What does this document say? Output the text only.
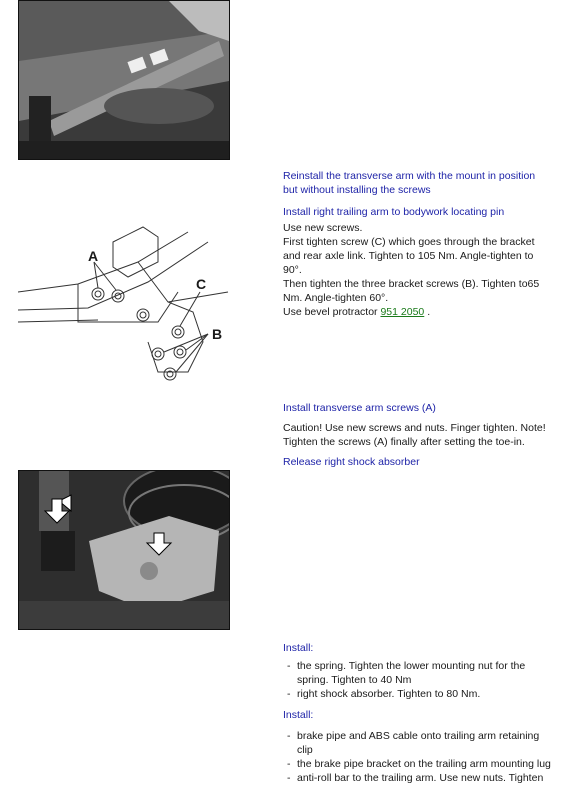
A
C
B
Reinstall the transverse arm with the mount in position but without installing the screws
Install right trailing arm to bodywork locating pin

Use new screws.

First tighten screw (C) which goes through the bracket and rear axle link. Tighten to 105 Nm. Angle-tighten to 90°.

Then tighten the three bracket screws (B). Tighten to65 Nm. Angle-tighten 60°.

Use bevel protractor 951 2050 .

Install transverse arm screws (A)
Caution! Use new screws and nuts. Finger tighten. Note! Tighten the screws (A) finally after setting the toe-in.
Release right shock absorber
Install:
- the spring. Tighten the lower mounting nut for the spring. Tighten to 40 Nm
- right shock absorber. Tighten to 80 Nm.
Install:
- brake pipe and ABS cable onto trailing arm retaining clip
- the brake pipe bracket on the trailing arm mounting lug
- anti-roll bar to the trailing arm. Use new nuts. Tighten
